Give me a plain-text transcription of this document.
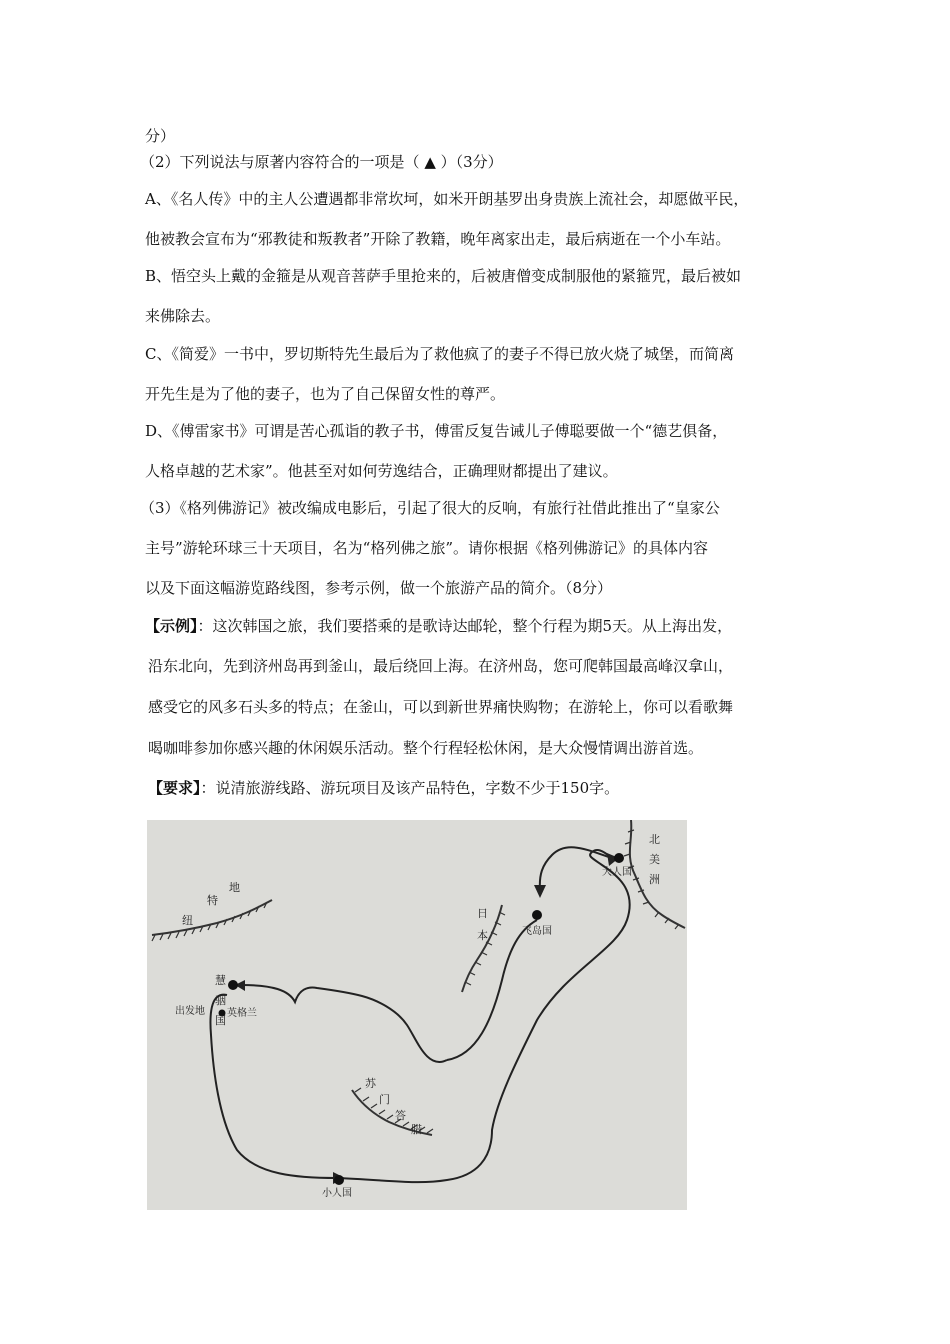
分）
（2）下列说法与原著内容符合的一项是（ ▲ ）（3分）
A、《名人传》中的主人公遭遇都非常坎坷，如米开朗基罗出身贵族上流社会，却愿做平民，
他被教会宣布为“邪教徒和叛教者”开除了教籍，晚年离家出走，最后病逝在一个小车站。
B、悟空头上戴的金箍是从观音菩萨手里抢来的，后被唐僧变成制服他的紧箍咒，最后被如
来佛除去。
C、《简爱》一书中，罗切斯特先生最后为了救他疯了的妻子不得已放火烧了城堡，而简离
开先生是为了他的妻子，也为了自己保留女性的尊严。
D、《傅雷家书》可谓是苦心孤诣的教子书，傅雷反复告诫儿子傅聪要做一个“德艺俱备，
人格卓越的艺术家”。他甚至对如何劳逸结合，正确理财都提出了建议。
（3）《格列佛游记》被改编成电影后，引起了很大的反响，有旅行社借此推出了“皇家公
主号”游轮环球三十天项目，名为“格列佛之旅”。请你根据《格列佛游记》的具体内容
以及下面这幅游览路线图，参考示例，做一个旅游产品的简介。（8分）
【示例】：这次韩国之旅，我们要搭乘的是歌诗达邮轮，整个行程为期5天。从上海出发，
沿东北向，先到济州岛再到釜山，最后绕回上海。在济州岛，您可爬韩国最高峰汉拿山，
感受它的风多石头多的特点；在釜山，可以到新世界痛快购物；在游轮上，你可以看歌舞
喝咖啡参加你感兴趣的休闲娱乐活动。整个行程轻松休闲，是大众慢情调出游首选。
【要求】：说清旅游线路、游玩项目及该产品特色，字数不少于150字。
纽
特
地
慧
骃
国
出发地 英格兰
日
本	飞岛国
大人国
北
美
洲
苏
门
答
腊
小人国
